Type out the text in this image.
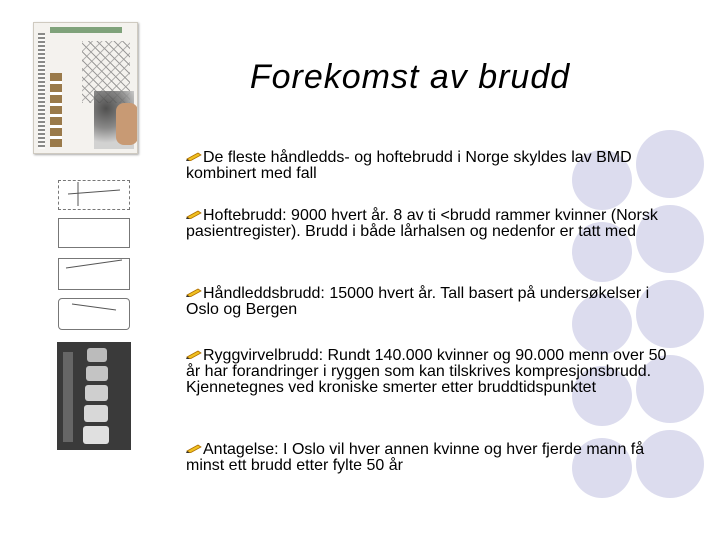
Forekomst av brudd
De fleste håndledds- og hoftebrudd i Norge skyldes lav BMD kombinert med fall
Hoftebrudd: 9000 hvert år. 8 av ti <brudd rammer kvinner (Norsk pasientregister). Brudd i både lårhalsen og nedenfor er tatt med
Håndleddsbrudd: 15000 hvert år. Tall basert på undersøkelser i Oslo og Bergen
Ryggvirvelbrudd: Rundt 140.000 kvinner og 90.000 menn over 50 år har forandringer i ryggen som kan tilskrives kompresjonsbrudd. Kjennetegnes ved kroniske smerter etter bruddtidspunktet
Antagelse: I Oslo vil hver annen kvinne og hver fjerde mann få minst ett brudd etter fylte 50 år
